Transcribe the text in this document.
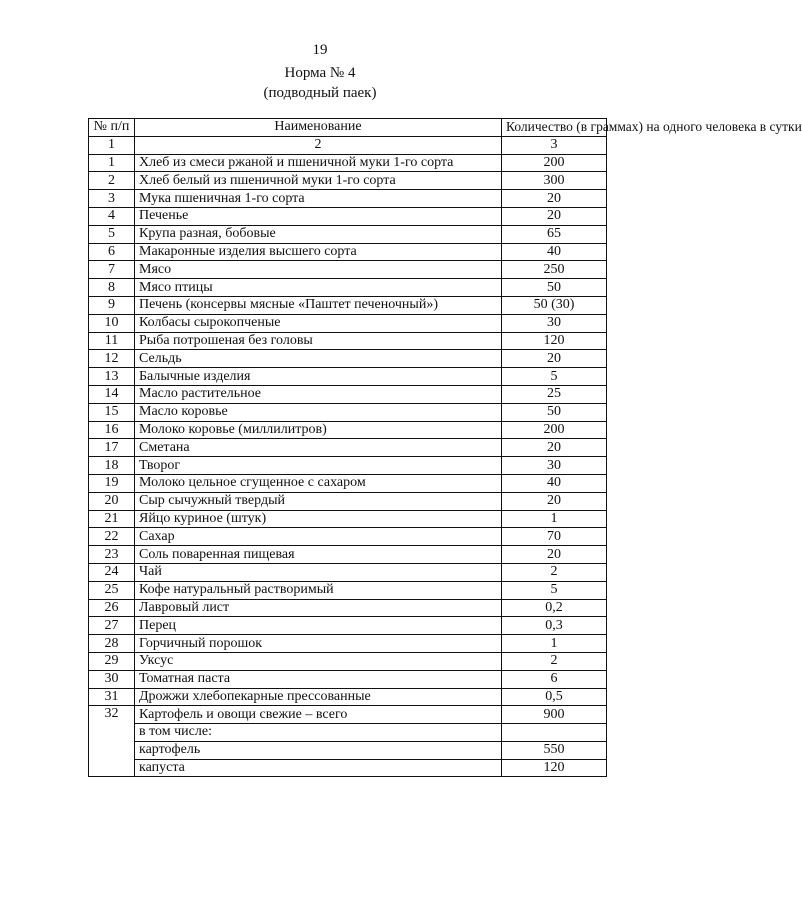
19
Норма № 4
(подводный паек)
№ п/п	Наименование	Количество (в граммах) на одного человека в сутки
1	2	3
1	Хлеб из смеси ржаной и пшеничной муки 1-го сорта	200
2	Хлеб белый из пшеничной муки 1-го сорта	300
3	Мука пшеничная 1-го сорта	20
4	Печенье	20
5	Крупа разная, бобовые	65
6	Макаронные изделия высшего сорта	40
7	Мясо	250
8	Мясо птицы	50
9	Печень (консервы мясные «Паштет печеночный»)	50 (30)
10	Колбасы сырокопченые	30
11	Рыба потрошеная без головы	120
12	Сельдь	20
13	Балычные изделия	5
14	Масло растительное	25
15	Масло коровье	50
16	Молоко коровье (миллилитров)	200
17	Сметана	20
18	Творог	30
19	Молоко цельное сгущенное с сахаром	40
20	Сыр сычужный твердый	20
21	Яйцо куриное (штук)	1
22	Сахар	70
23	Соль поваренная пищевая	20
24	Чай	2
25	Кофе натуральный растворимый	5
26	Лавровый лист	0,2
27	Перец	0,3
28	Горчичный порошок	1
29	Уксус	2
30	Томатная паста	6
31	Дрожжи хлебопекарные прессованные	0,5
32	Картофель и овощи свежие – всего	900
	в том числе:	
	картофель	550
	капуста	120
